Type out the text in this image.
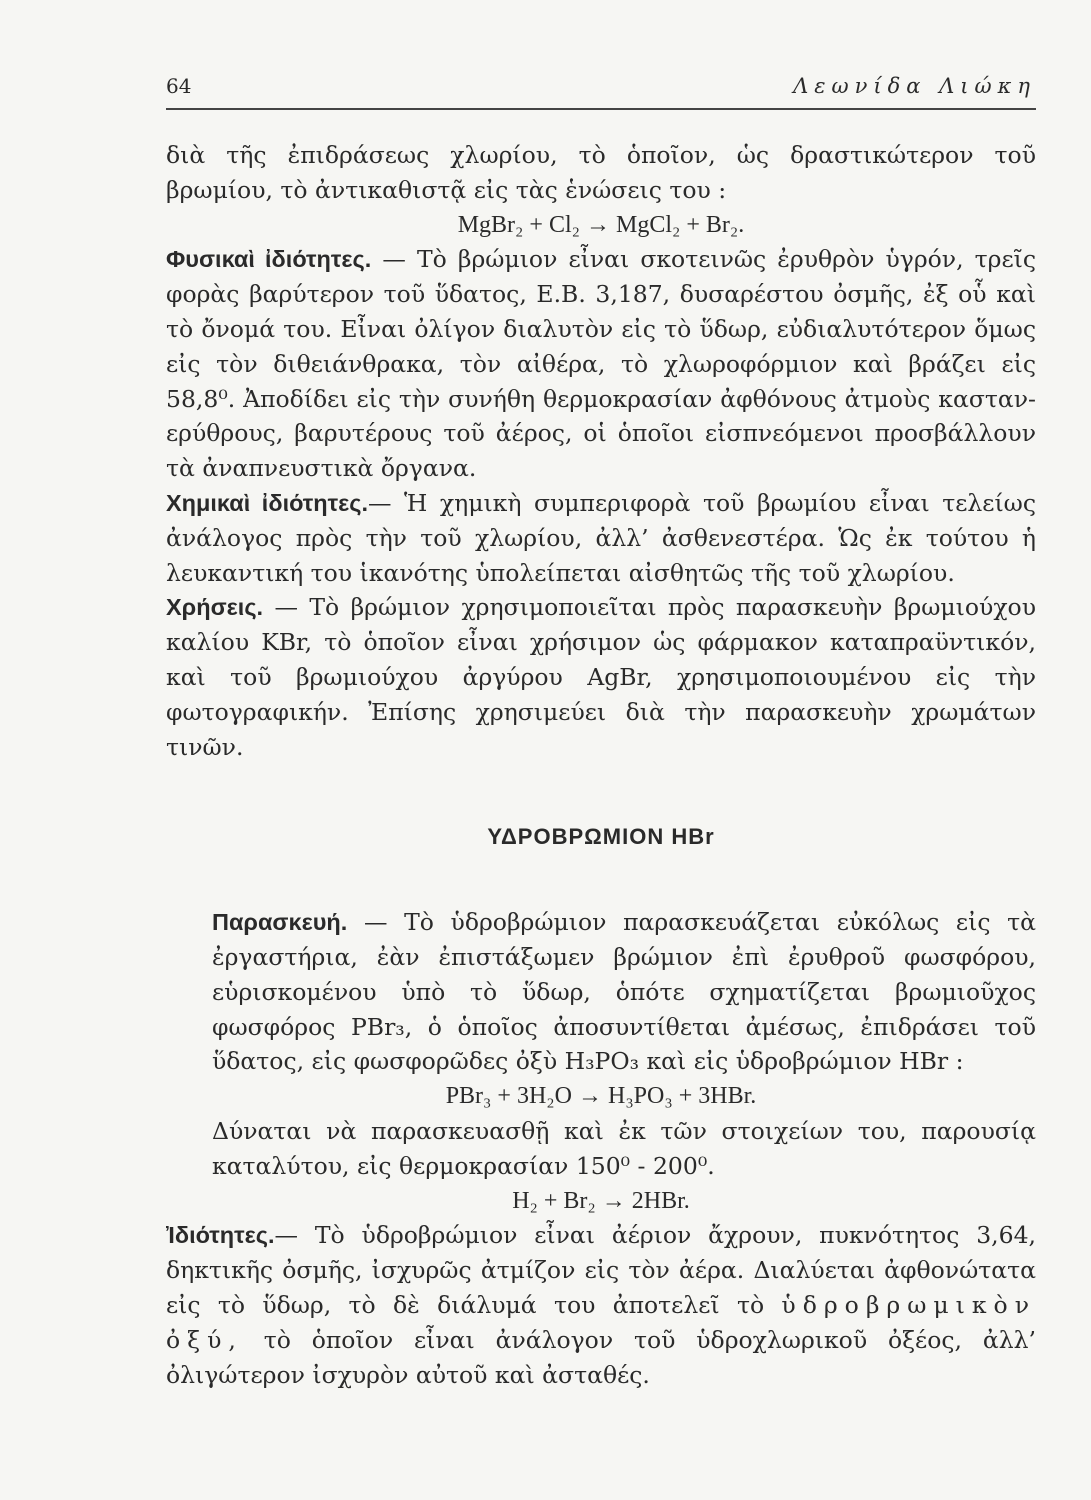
64	Λεωνίδα Λιώκη

διὰ τῆς ἐπιδράσεως χλωρίου, τὸ ὁποῖον, ὡς δραστικώτερον τοῦ βρωμίου, τὸ ἀντικαθιστᾷ εἰς τὰς ἑνώσεις του :

MgBr₂ + Cl₂ → MgCl₂ + Br₂.

Φυσικαὶ ἰδιότητες. — Τὸ βρώμιον εἶναι σκοτεινῶς ἐρυθρὸν ὑγρόν, τρεῖς φορὰς βαρύτερον τοῦ ὕδατος, Ε.Β. 3,187, δυσαρέστου ὀσμῆς, ἐξ οὗ καὶ τὸ ὄνομά του. Εἶναι ὀλίγον διαλυτὸν εἰς τὸ ὕδωρ, εὐδιαλυτότερον ὅμως εἰς τὸν διθειάνθρακα, τὸν αἰθέρα, τὸ χλωροφόρμιον καὶ βράζει εἰς 58,8⁰. Ἀποδίδει εἰς τὴν συνήθη θερμοκρασίαν ἀφθόνους ἀτμοὺς καστανερύθρους, βαρυτέρους τοῦ ἀέρος, οἱ ὁποῖοι εἰσπνεόμενοι προσβάλλουν τὰ ἀναπνευστικὰ ὄργανα.

Χημικαὶ ἰδιότητες.— Ἡ χημικὴ συμπεριφορὰ τοῦ βρωμίου εἶναι τελείως ἀνάλογος πρὸς τὴν τοῦ χλωρίου, ἀλλ’ ἀσθενεστέρα. Ὡς ἐκ τούτου ἡ λευκαντική του ἱκανότης ὑπολείπεται αἰσθητῶς τῆς τοῦ χλωρίου.

Χρήσεις. — Τὸ βρώμιον χρησιμοποιεῖται πρὸς παρασκευὴν βρωμιούχου καλίου KBr, τὸ ὁποῖον εἶναι χρήσιμον ὡς φάρμακον καταπραϋντικόν, καὶ τοῦ βρωμιούχου ἀργύρου AgBr, χρησιμοποιουμένου εἰς τὴν φωτογραφικήν. Ἐπίσης χρησιμεύει διὰ τὴν παρασκευὴν χρωμάτων τινῶν.

ΥΔΡΟΒΡΩΜΙΟΝ HBr

Παρασκευή. — Τὸ ὑδροβρώμιον παρασκευάζεται εὐκόλως εἰς τὰ ἐργαστήρια, ἐὰν ἐπιστάξωμεν βρώμιον ἐπὶ ἐρυθροῦ φωσφόρου, εὑρισκομένου ὑπὸ τὸ ὕδωρ, ὁπότε σχηματίζεται βρωμιοῦχος φωσφόρος PBr₃, ὁ ὁποῖος ἀποσυντίθεται ἀμέσως, ἐπιδράσει τοῦ ὕδατος, εἰς φωσφορῶδες ὀξὺ H₃PO₃ καὶ εἰς ὑδροβρώμιον HBr :

PBr₃ + 3H₂O → H₃PO₃ + 3HBr.

Δύναται νὰ παρασκευασθῇ καὶ ἐκ τῶν στοιχείων του, παρουσίᾳ καταλύτου, εἰς θερμοκρασίαν 150⁰ - 200⁰.

H₂ + Br₂ → 2HBr.

Ἰδιότητες.— Τὸ ὑδροβρώμιον εἶναι ἀέριον ἄχρουν, πυκνότητος 3,64, δηκτικῆς ὀσμῆς, ἰσχυρῶς ἀτμίζον εἰς τὸν ἀέρα. Διαλύεται ἀφθονώτατα εἰς τὸ ὕδωρ, τὸ δὲ διάλυμά του ἀποτελεῖ τὸ ὑδροβρωμικὸν ὀξύ, τὸ ὁποῖον εἶναι ἀνάλογον τοῦ ὑδροχλωρικοῦ ὀξέος, ἀλλ’ ὀλιγώτερον ἰσχυρὸν αὐτοῦ καὶ ἀσταθές.
